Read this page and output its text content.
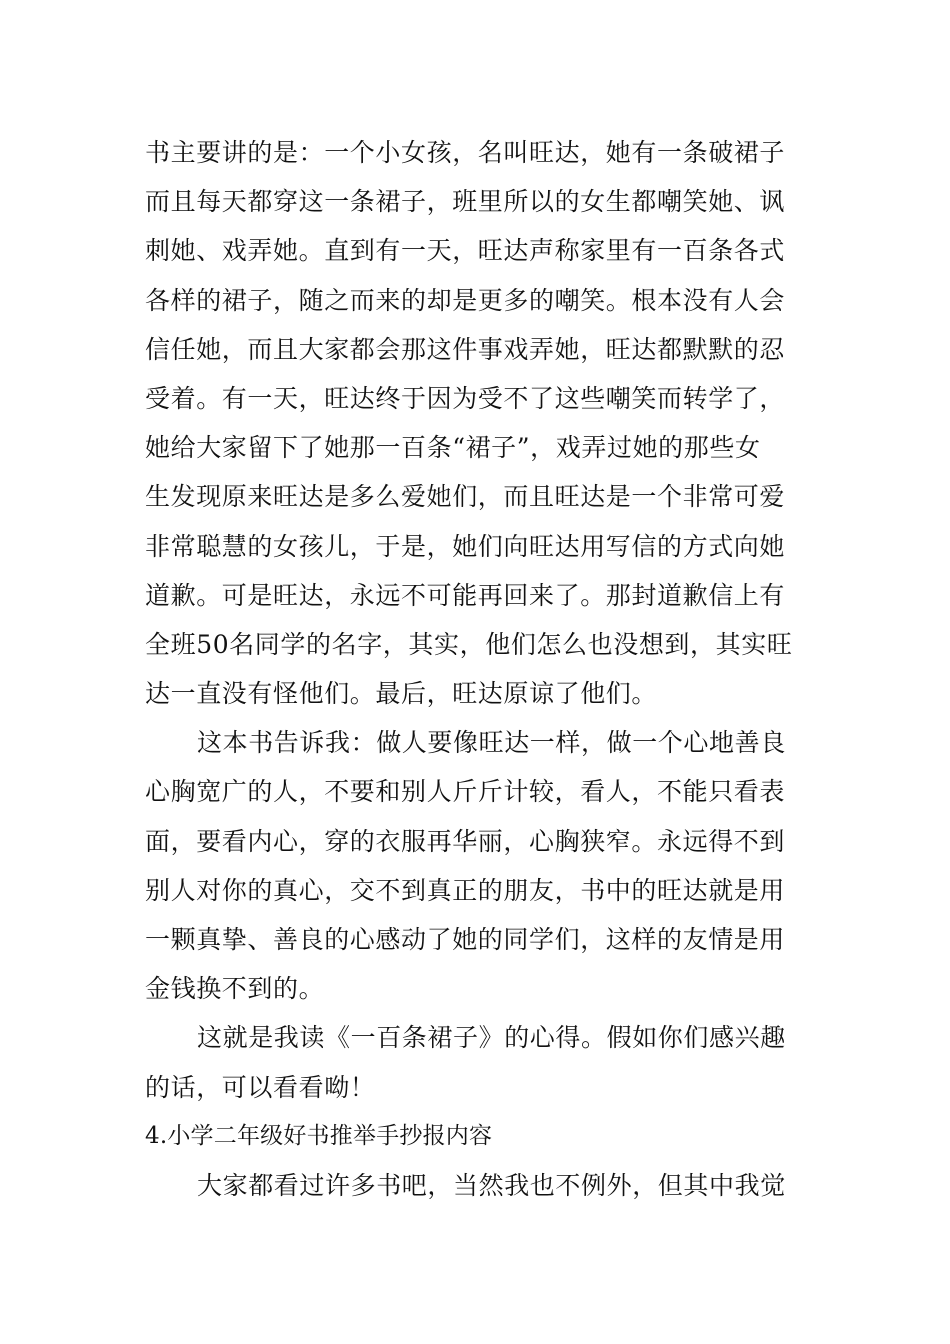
书主要讲的是：一个小女孩，名叫旺达，她有一条破裙子
而且每天都穿这一条裙子，班里所以的女生都嘲笑她、讽
刺她、戏弄她。直到有一天，旺达声称家里有一百条各式
各样的裙子，随之而来的却是更多的嘲笑。根本没有人会
信任她，而且大家都会那这件事戏弄她，旺达都默默的忍
受着。有一天，旺达终于因为受不了这些嘲笑而转学了，
她给大家留下了她那一百条“裙子”，戏弄过她的那些女
生发现原来旺达是多么爱她们，而且旺达是一个非常可爱
非常聪慧的女孩儿，于是，她们向旺达用写信的方式向她
道歉。可是旺达，永远不可能再回来了。那封道歉信上有
全班50名同学的名字，其实，他们怎么也没想到，其实旺
达一直没有怪他们。最后，旺达原谅了他们。
这本书告诉我：做人要像旺达一样，做一个心地善良
心胸宽广的人，不要和别人斤斤计较，看人，不能只看表
面，要看内心，穿的衣服再华丽，心胸狭窄。永远得不到
别人对你的真心，交不到真正的朋友，书中的旺达就是用
一颗真挚、善良的心感动了她的同学们，这样的友情是用
金钱换不到的。
这就是我读《一百条裙子》的心得。假如你们感兴趣
的话，可以看看呦！
4.小学二年级好书推举手抄报内容
大家都看过许多书吧，当然我也不例外，但其中我觉
